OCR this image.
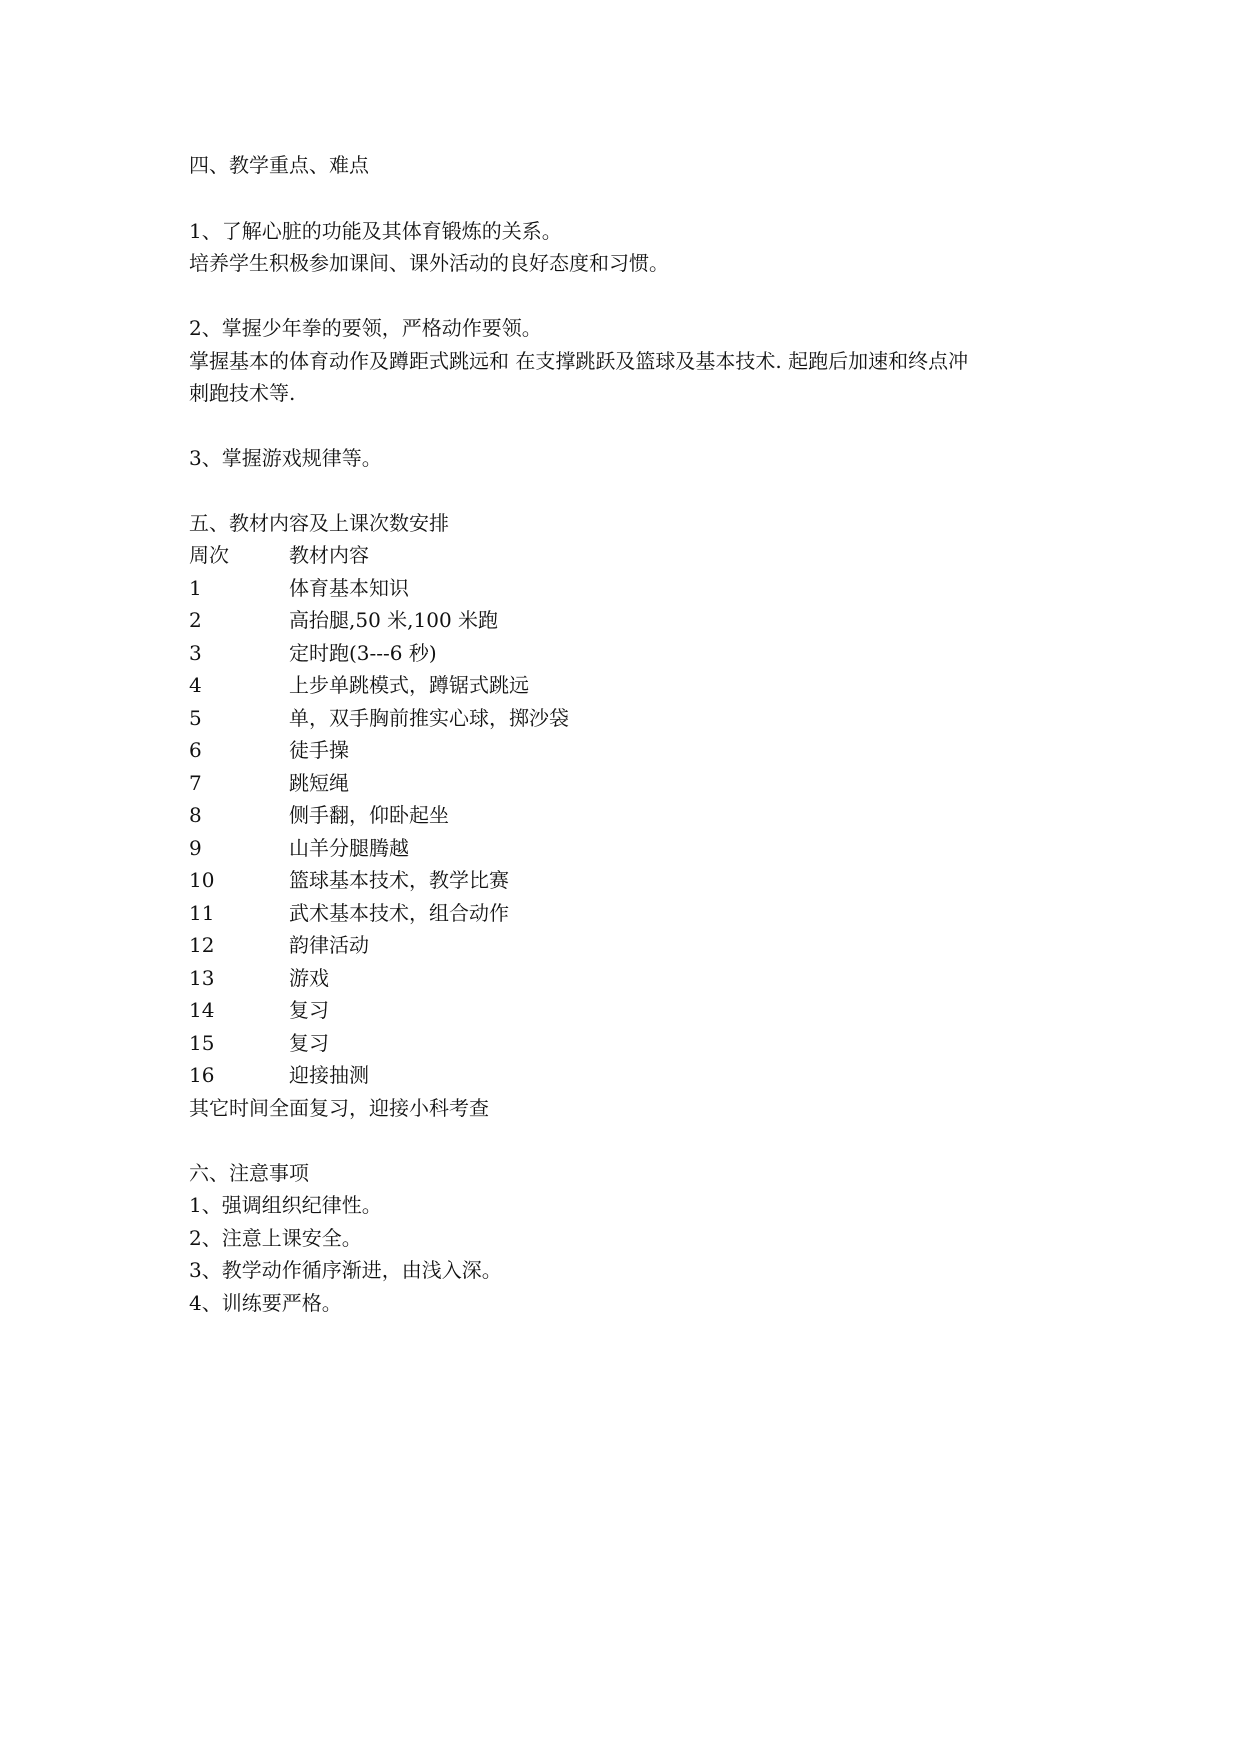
四、教学重点、难点
1、了解心脏的功能及其体育锻炼的关系。
培养学生积极参加课间、课外活动的良好态度和习惯。
2、掌握少年拳的要领，严格动作要领。
掌握基本的体育动作及蹲距式跳远和 在支撑跳跃及篮球及基本技术. 起跑后加速和终点冲
刺跑技术等.
3、掌握游戏规律等。
五、教材内容及上课次数安排
周次	教材内容
1	体育基本知识
2	高抬腿,50 米,100 米跑
3	定时跑(3---6 秒)
4	上步单跳模式，蹲锯式跳远
5	单，双手胸前推实心球，掷沙袋
6	徒手操
7	跳短绳
8	侧手翻，仰卧起坐
9	山羊分腿腾越
10	篮球基本技术，教学比赛
11	武术基本技术，组合动作
12	韵律活动
13	游戏
14	复习
15	复习
16	迎接抽测
其它时间全面复习，迎接小科考查
六、注意事项
1、强调组织纪律性。
2、注意上课安全。
3、教学动作循序渐进，由浅入深。
4、训练要严格。
